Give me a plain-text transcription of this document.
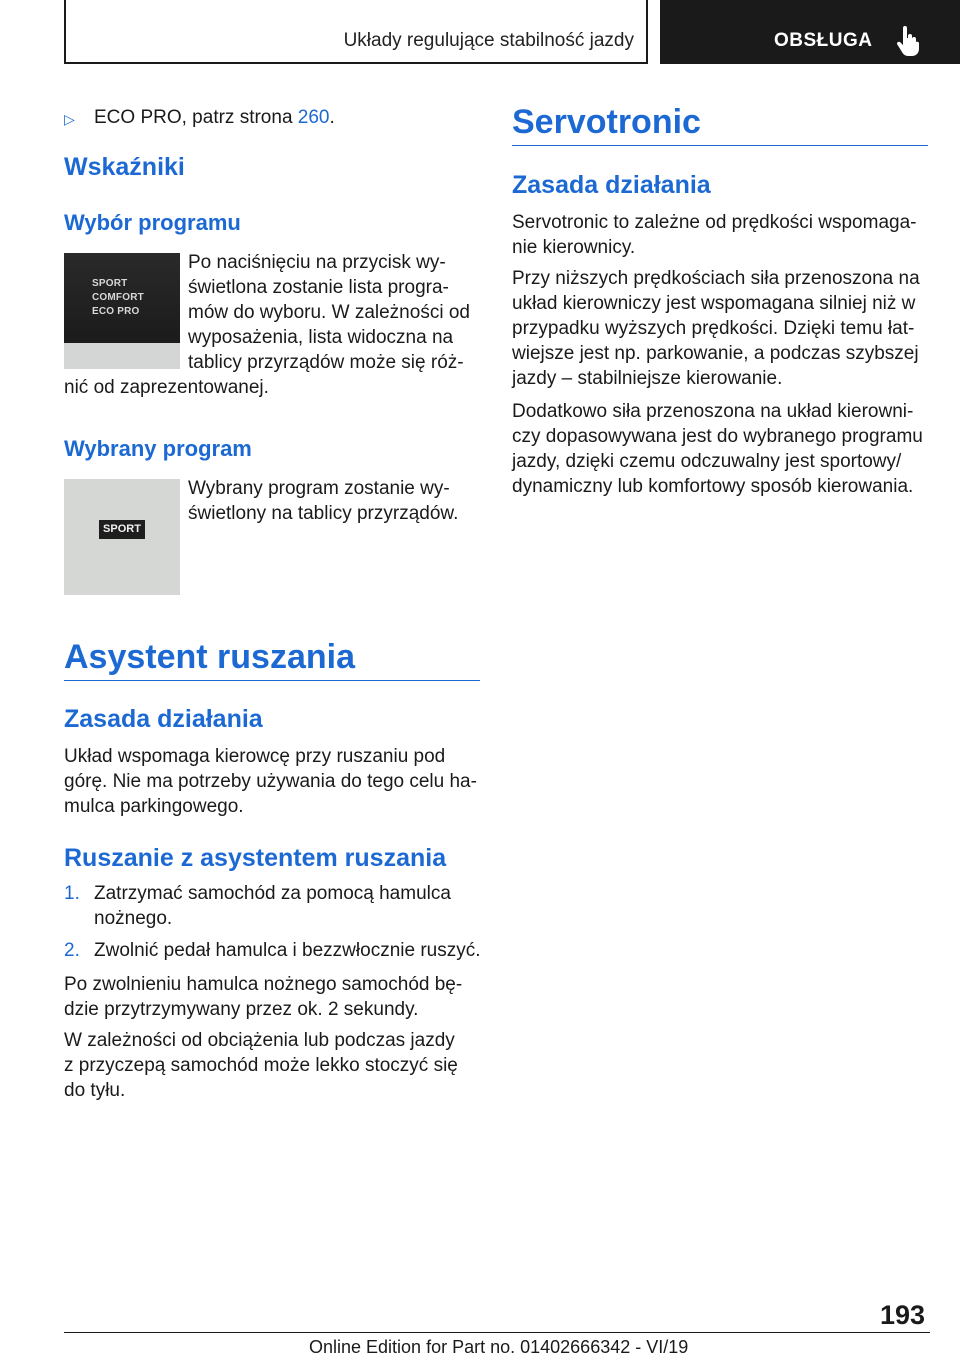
Układy regulujące stabilność jazdy	OBSŁUGA
▷ ECO PRO, patrz strona 260.
Wskaźniki
Wybór programu
SPORT
COMFORT
ECO PRO

Po naciśnięciu na przycisk wy-

świetlona zostanie lista progra-

mów do wyboru. W zależności od

wyposażenia, lista widoczna na

tablicy przyrządów może się róż-

nić od zaprezentowanej.

Wybrany program
SPORT

Wybrany program zostanie wy-

świetlony na tablicy przyrządów.

Asystent ruszania
Zasada działania

Układ wspomaga kierowcę przy ruszaniu pod

górę. Nie ma potrzeby używania do tego celu ha-

mulca parkingowego.

Ruszanie z asystentem ruszania
1. Zatrzymać samochód za pomocą hamulca

nożnego.

2. Zwolnić pedał hamulca i bezzwłocznie ruszyć.

Po zwolnieniu hamulca nożnego samochód bę-

dzie przytrzymywany przez ok. 2 sekundy.

W zależności od obciążenia lub podczas jazdy

z przyczepą samochód może lekko stoczyć się

do tyłu.

Servotronic
Zasada działania

Servotronic to zależne od prędkości wspomaga-

nie kierownicy.

Przy niższych prędkościach siła przenoszona na

układ kierowniczy jest wspomagana silniej niż w

przypadku wyższych prędkości. Dzięki temu łat-

wiejsze jest np. parkowanie, a podczas szybszej

jazdy – stabilniejsze kierowanie.

Dodatkowo siła przenoszona na układ kierowni-

czy dopasowywana jest do wybranego programu

jazdy, dzięki czemu odczuwalny jest sportowy/

dynamiczny lub komfortowy sposób kierowania.

193
Online Edition for Part no. 01402666342 - VI/19
